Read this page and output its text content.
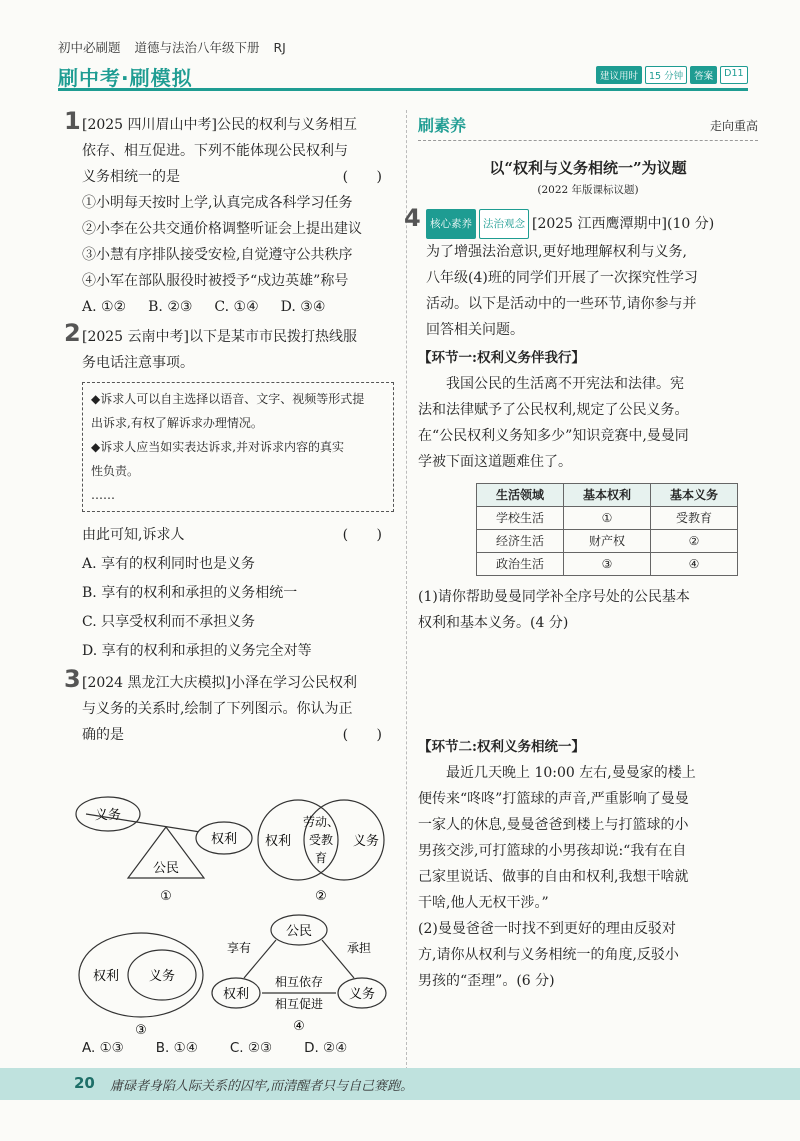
初中必刷题 道德与法治八年级下册 RJ
刷中考·刷模拟	建议用时	15 分钟	答案	D11
1 [2025 四川眉山中考]公民的权利与义务相互
依存、相互促进。下列不能体现公民权利与
义务相统一的是	( )
①小明每天按时上学,认真完成各科学习任务
②小李在公共交通价格调整听证会上提出建议
③小慧有序排队接受安检,自觉遵守公共秩序
④小军在部队服役时被授予“戍边英雄”称号
A. ①② B. ②③ C. ①④ D. ③④
2 [2025 云南中考]以下是某市市民拨打热线服
务电话注意事项。
◆诉求人可以自主选择以语音、文字、视频等形式提
出诉求,有权了解诉求办理情况。
◆诉求人应当如实表达诉求,并对诉求内容的真实
性负责。
……
由此可知,诉求人	( )
A. 享有的权利同时也是义务
B. 享有的权利和承担的义务相统一
C. 只享受权利而不承担义务
D. 享有的权利和承担的义务完全对等
3 [2024 黑龙江大庆模拟]小泽在学习公民权利
与义务的关系时,绘制了下列图示。你认为正
确的是	( )
义务
权利
公民
①
权利
劳动、
受教
育
义务
②
权利 义务
③
公民
享有	承担
权利	义务
相互依存
相互促进
④
A. ①③ B. ①④ C. ②③ D. ②④
刷素养	走向重高
以“权利与义务相统一”为议题
(2022 年版课标议题)
4 核心素养	法治观念 [2025 江西鹰潭期中](10 分)
为了增强法治意识,更好地理解权利与义务,
八年级(4)班的同学们开展了一次探究性学习
活动。以下是活动中的一些环节,请你参与并
回答相关问题。
【环节一:权利义务伴我行】
我国公民的生活离不开宪法和法律。宪
法和法律赋予了公民权利,规定了公民义务。
在“公民权利义务知多少”知识竞赛中,曼曼同
学被下面这道题难住了。
生活领域	基本权利	基本义务
学校生活	①	受教育
经济生活	财产权	②
政治生活	③	④
(1)请你帮助曼曼同学补全序号处的公民基本
权利和基本义务。(4 分)
【环节二:权利义务相统一】
最近几天晚上 10:00 左右,曼曼家的楼上
便传来“咚咚”打篮球的声音,严重影响了曼曼
一家人的休息,曼曼爸爸到楼上与打篮球的小
男孩交涉,可打篮球的小男孩却说:“我有在自
己家里说话、做事的自由和权利,我想干啥就
干啥,他人无权干涉。”
(2)曼曼爸爸一时找不到更好的理由反驳对
方,请你从权利与义务相统一的角度,反驳小
男孩的“歪理”。(6 分)
20 庸碌者身陷人际关系的囚牢,而清醒者只与自己赛跑。
